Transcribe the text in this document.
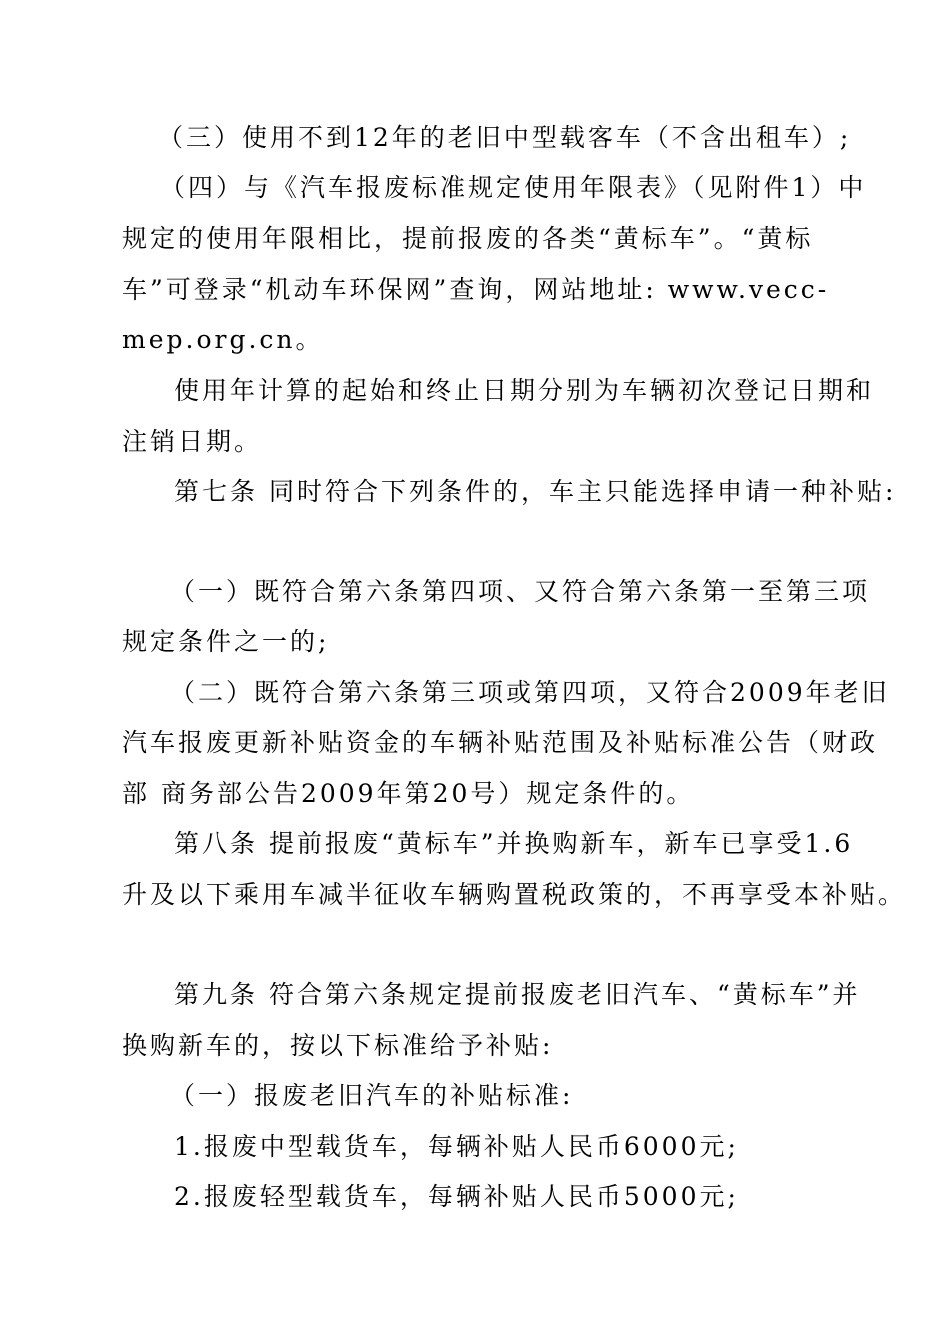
（三）使用不到12年的老旧中型载客车（不含出租车）;
（四）与《汽车报废标准规定使用年限表》（见附件1）中
规定的使用年限相比，提前报废的各类“黄标车”。“黄标
车”可登录“机动车环保网”查询，网站地址: www.vecc-
mep.org.cn。
使用年计算的起始和终止日期分别为车辆初次登记日期和
注销日期。
第七条 同时符合下列条件的，车主只能选择申请一种补贴:
（一）既符合第六条第四项、又符合第六条第一至第三项
规定条件之一的;
（二）既符合第六条第三项或第四项，又符合2009年老旧
汽车报废更新补贴资金的车辆补贴范围及补贴标准公告（财政
部 商务部公告2009年第20号）规定条件的。
第八条 提前报废“黄标车”并换购新车，新车已享受1.6
升及以下乘用车减半征收车辆购置税政策的，不再享受本补贴。
第九条 符合第六条规定提前报废老旧汽车、“黄标车”并
换购新车的，按以下标准给予补贴:
（一）报废老旧汽车的补贴标准:
1.报废中型载货车，每辆补贴人民币6000元;
2.报废轻型载货车，每辆补贴人民币5000元;
